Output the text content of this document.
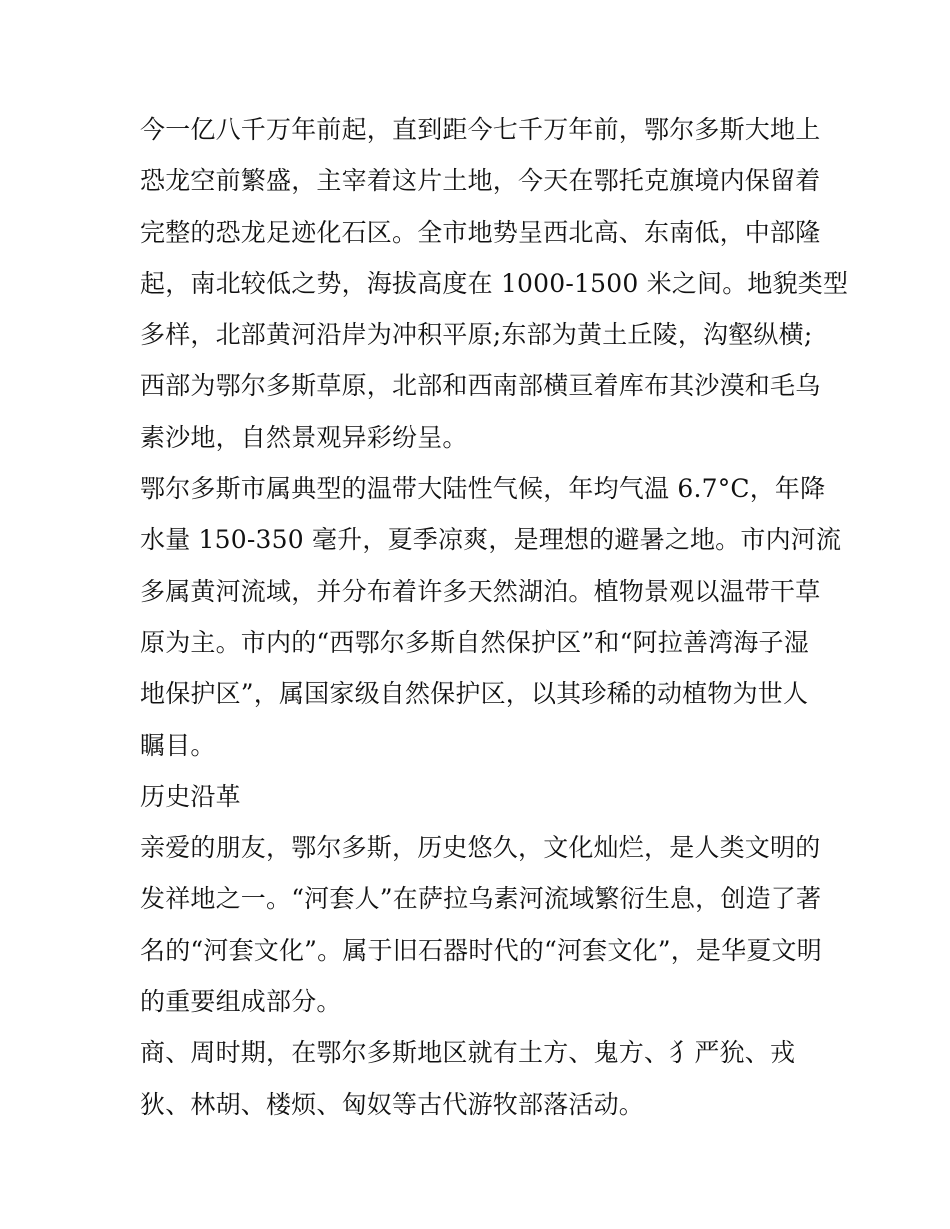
今一亿八千万年前起，直到距今七千万年前，鄂尔多斯大地上
恐龙空前繁盛，主宰着这片土地，今天在鄂托克旗境内保留着
完整的恐龙足迹化石区。全市地势呈西北高、东南低，中部隆
起，南北较低之势，海拔高度在 1000-1500 米之间。地貌类型
多样，北部黄河沿岸为冲积平原;东部为黄土丘陵，沟壑纵横;
西部为鄂尔多斯草原，北部和西南部横亘着库布其沙漠和毛乌
素沙地，自然景观异彩纷呈。
鄂尔多斯市属典型的温带大陆性气候，年均气温 6.7°C，年降
水量 150-350 毫升，夏季凉爽，是理想的避暑之地。市内河流
多属黄河流域，并分布着许多天然湖泊。植物景观以温带干草
原为主。市内的“西鄂尔多斯自然保护区”和“阿拉善湾海子湿
地保护区”，属国家级自然保护区，以其珍稀的动植物为世人
瞩目。
历史沿革
亲爱的朋友，鄂尔多斯，历史悠久，文化灿烂，是人类文明的
发祥地之一。“河套人”在萨拉乌素河流域繁衍生息，创造了著
名的“河套文化”。属于旧石器时代的“河套文化”，是华夏文明
的重要组成部分。
商、周时期，在鄂尔多斯地区就有土方、鬼方、犭严狁、戎
狄、林胡、楼烦、匈奴等古代游牧部落活动。
